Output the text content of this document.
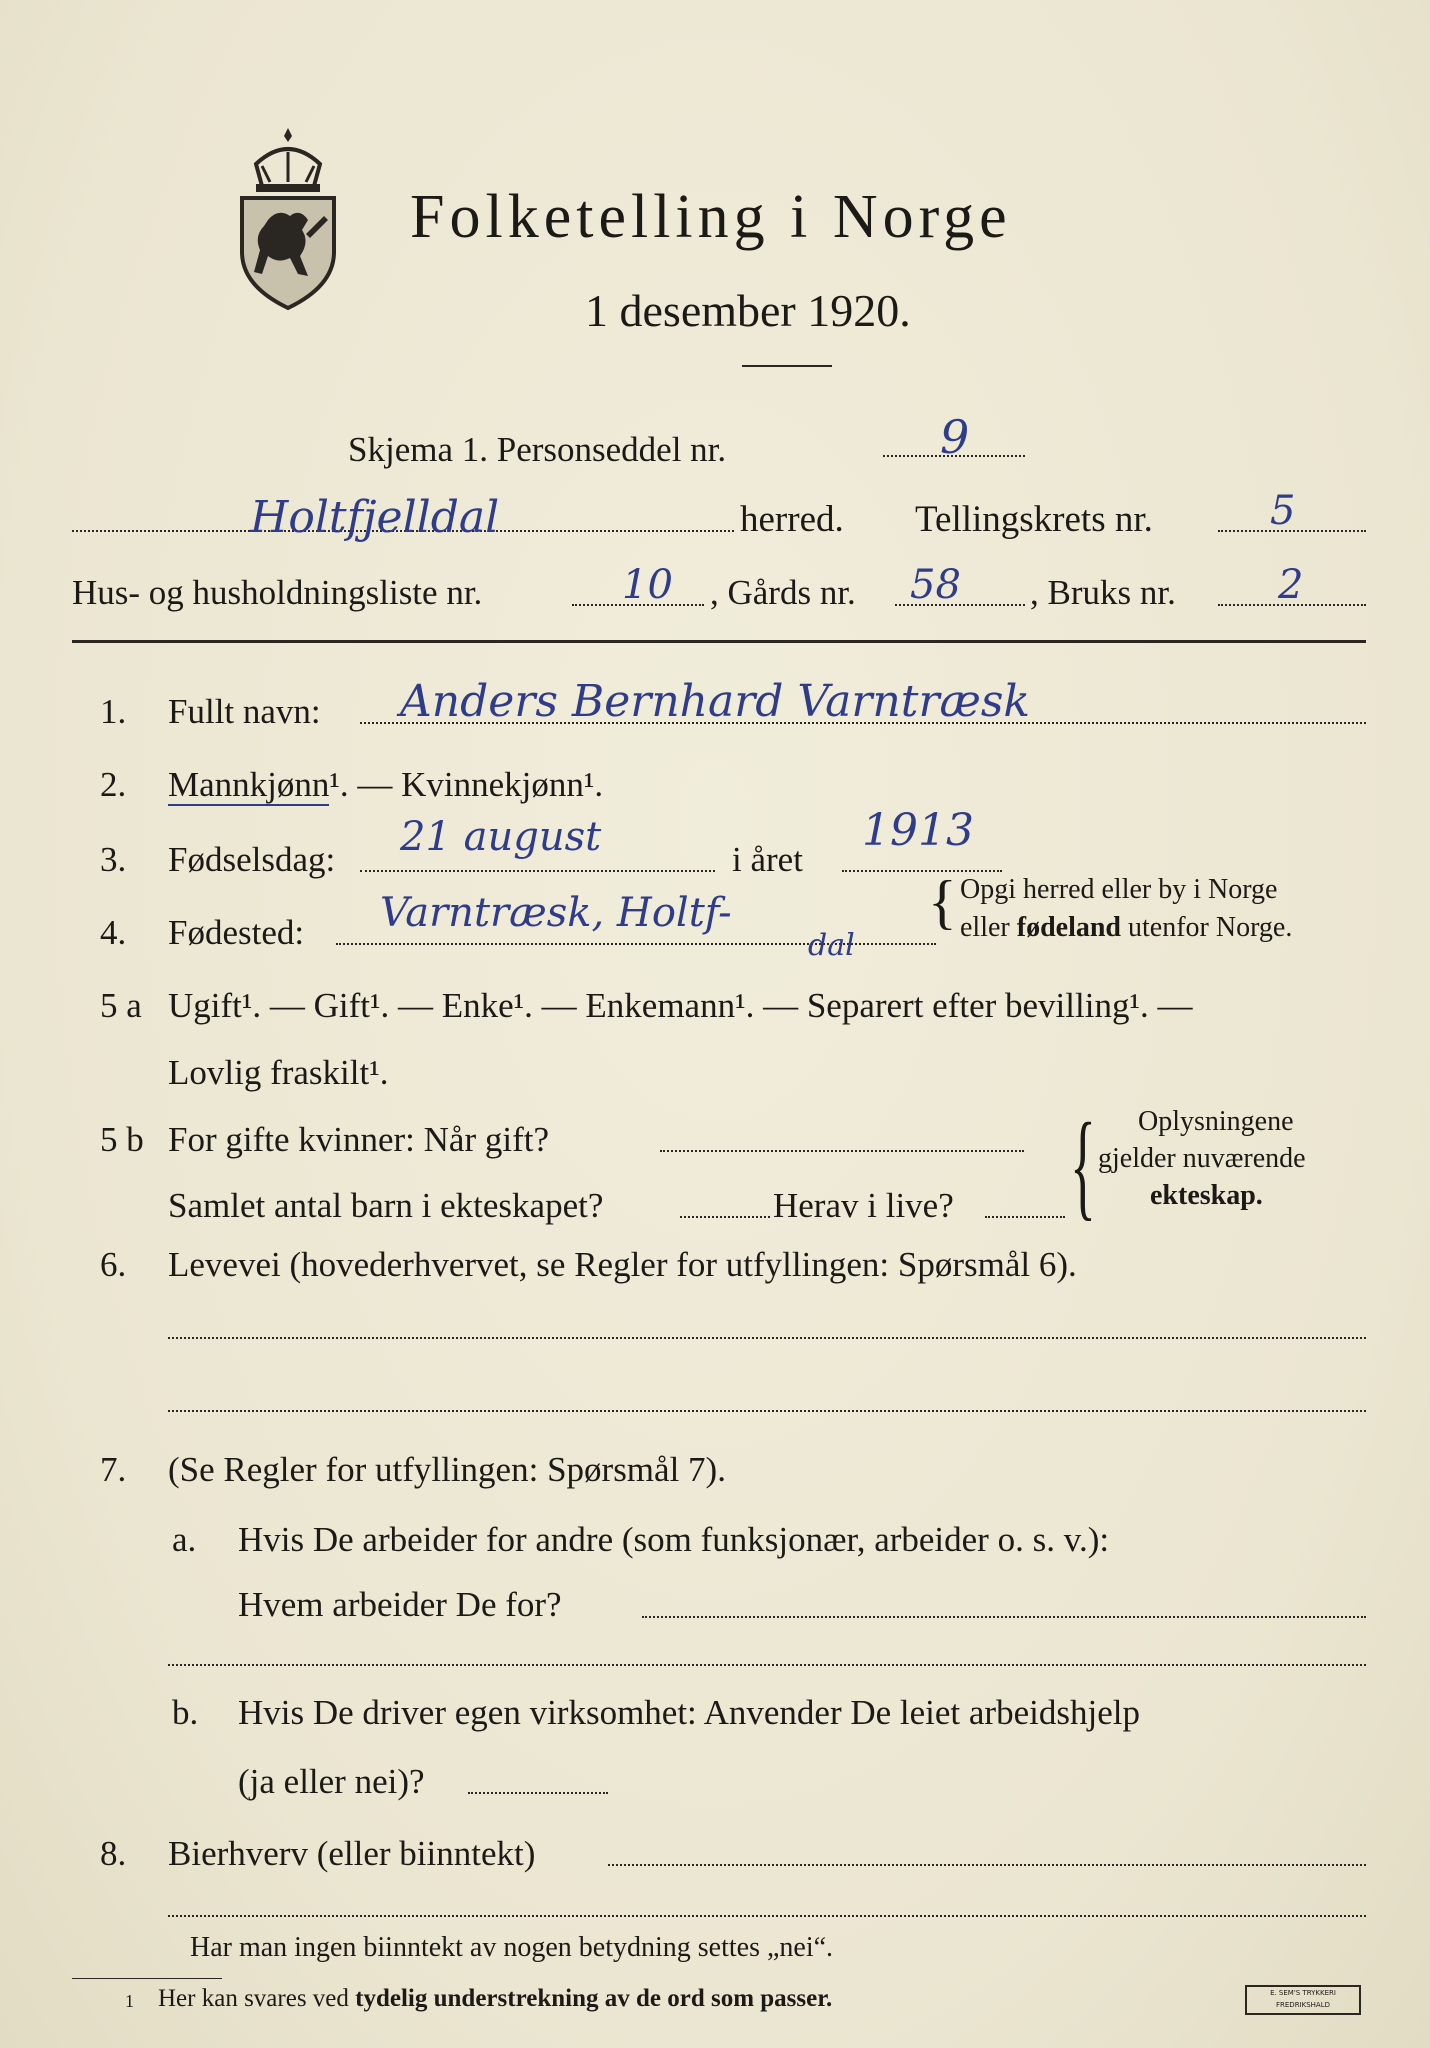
Folketelling i Norge
1 desember 1920.
Skjema 1. Personseddel nr.	9
Holtfjelldal	herred. Tellingskrets nr.	5
Hus- og husholdningsliste nr.	10 , Gårds nr. 58 , Bruks nr.	2
1. Fullt navn: Anders Bernhard Varntræsk
2. Mannkjønn¹. — Kvinnekjønn¹.
3. Fødselsdag: 21 august	i året
1913
4. Fødested: Varntræsk, Holtf-
dal
{ Opgi herred eller by i Norge
eller fødeland utenfor Norge.
5 a Ugift¹. — Gift¹. — Enke¹. — Enkemann¹. — Separert efter bevilling¹. —
Lovlig fraskilt¹.
5 b For gifte kvinner: Når gift?
Samlet antal barn i ekteskapet?	Herav i live? { Oplysningene
gjelder nuværende
ekteskap.
6. Levevei (hovederhvervet, se Regler for utfyllingen: Spørsmål 6).
7. (Se Regler for utfyllingen: Spørsmål 7).
a. Hvis De arbeider for andre (som funksjonær, arbeider o. s. v.):
Hvem arbeider De for?
b. Hvis De driver egen virksomhet: Anvender De leiet arbeidshjelp
(ja eller nei)?
8. Bierhverv (eller biinntekt)
Har man ingen biinntekt av nogen betydning settes „nei“.
1 Her kan svares ved tydelig understrekning av de ord som passer.	E. SEM'S TRYKKERI FREDRIKSHALD
